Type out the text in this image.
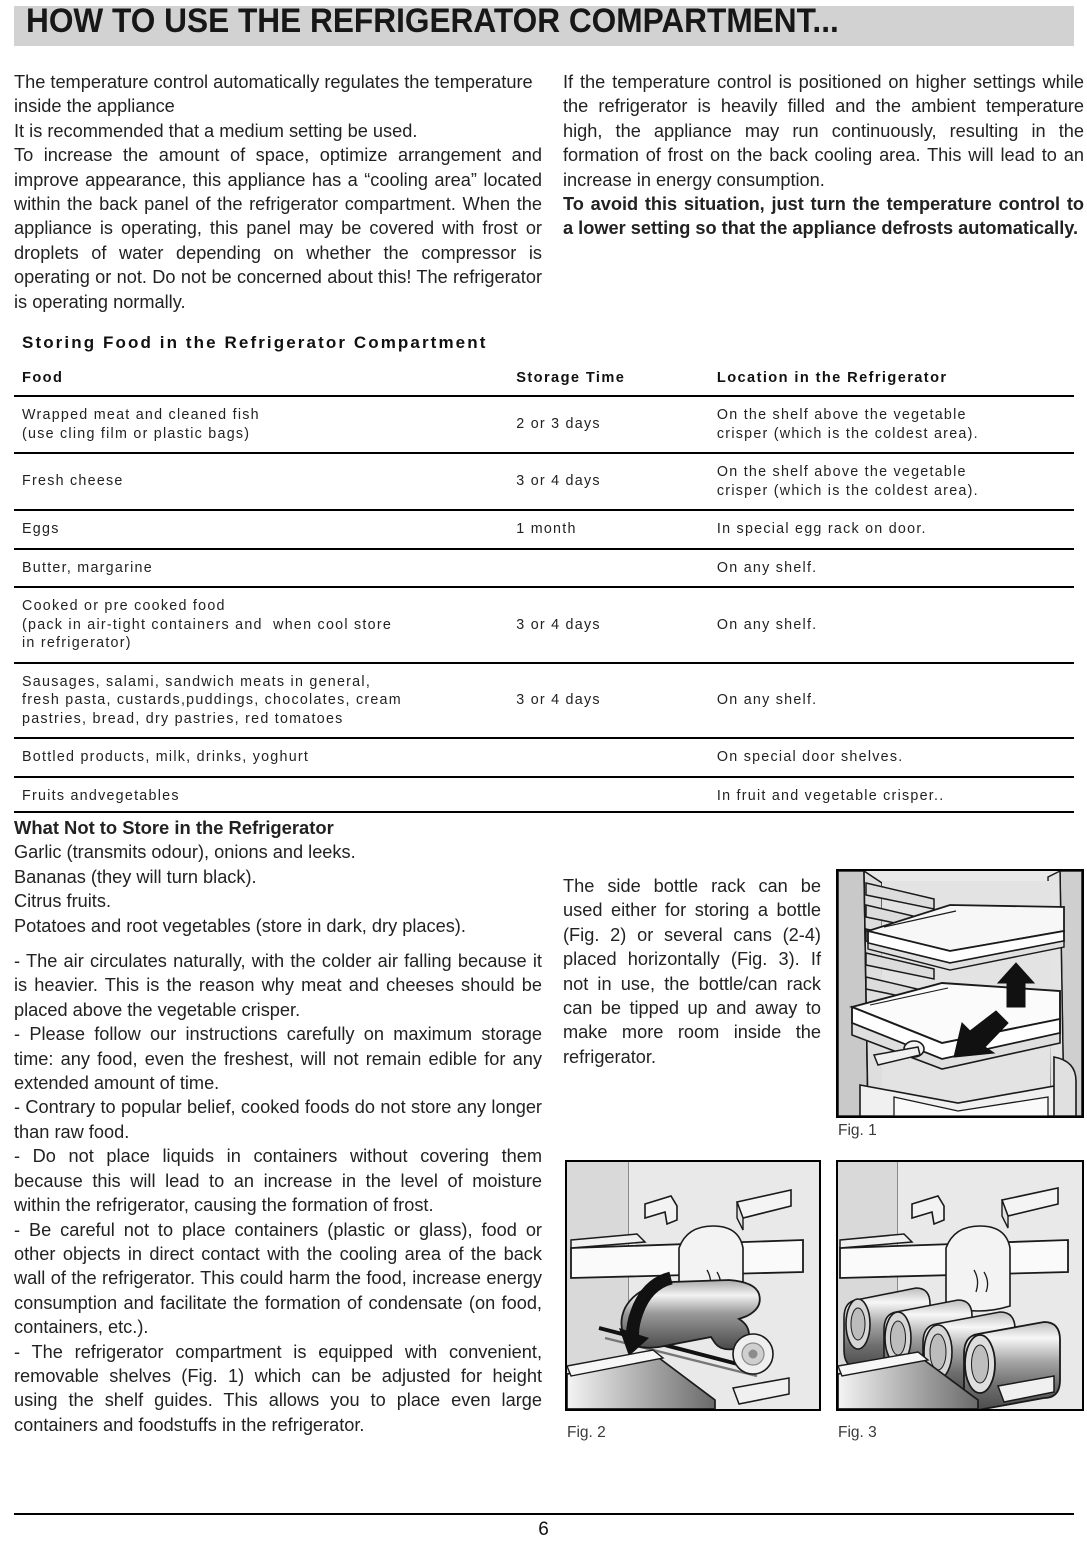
HOW TO USE THE REFRIGERATOR COMPARTMENT...

The temperature control automatically regulates the temperature inside the appliance

It is recommended that a medium setting be used.

To increase the amount of space, optimize arrangement and improve appearance, this appliance has a “cooling area” located within the back panel of the refrigerator compartment. When the appliance is operating, this panel may be covered with frost or droplets of water depending on whether the compressor is operating or not. Do not be concerned about this! The refrigerator is operating normally.

If the temperature control is positioned on higher settings while the refrigerator is heavily filled and the ambient temperature high, the appliance may run continuously, resulting in the formation of frost on the back cooling area. This will lead to an increase in energy consumption.

To avoid this situation, just turn the temperature control to a lower setting so that the appliance defrosts automatically.

Storing Food in the Refrigerator Compartment
Food	Storage Time	Location in the Refrigerator

Wrapped meat and cleaned fish
(use cling film or plastic bags)	2 or 3 days	On the shelf above the vegetable
crisper (which is the coldest area).

Fresh cheese	3 or 4 days	On the shelf above the vegetable
crisper (which is the coldest area).

Eggs	1 month	In special egg rack on door.

Butter, margarine		On any shelf.

Cooked or pre cooked food
(pack in air-tight containers and  when cool store
in refrigerator)	3 or 4 days	On any shelf.

Sausages, salami, sandwich meats in general,
fresh pasta, custards,puddings, chocolates, cream
pastries, bread, dry pastries, red tomatoes	3 or 4 days	On any shelf.

Bottled products, milk, drinks, yoghurt		On special door shelves.

Fruits andvegetables		In fruit and vegetable crisper..

What Not to Store in the Refrigerator

Garlic (transmits odour), onions and leeks.

Bananas (they will turn black).

Citrus fruits.

Potatoes and root vegetables (store in dark, dry places).

- The air circulates naturally, with the colder air falling because it is heavier. This is the reason why meat and cheeses should be placed above the vegetable crisper.

- Please follow our instructions carefully on maximum storage time: any food, even the freshest, will not remain edible for any extended amount of time.

- Contrary to popular belief, cooked foods do not store any longer than raw food.

- Do not place liquids in containers without covering them because this will lead to an increase in the level of moisture within the refrigerator, causing the formation of frost.

- Be careful not to place containers (plastic or glass), food or other objects in direct contact with the cooling area of the back wall of the refrigerator. This could harm the food, increase energy consumption and facilitate the formation of condensate (on food, containers, etc.).

- The refrigerator compartment is equipped with convenient, removable shelves (Fig. 1) which can be adjusted for height using the shelf guides. This allows you to place even large containers and foodstuffs in the refrigerator.

The side bottle rack can be used either for storing a bottle (Fig. 2) or several cans (2-4) placed horizontally (Fig. 3). If not in use, the bottle/can rack can be tipped up and away to make more room inside the refrigerator.

Fig. 1
Fig. 2	Fig. 3
6
